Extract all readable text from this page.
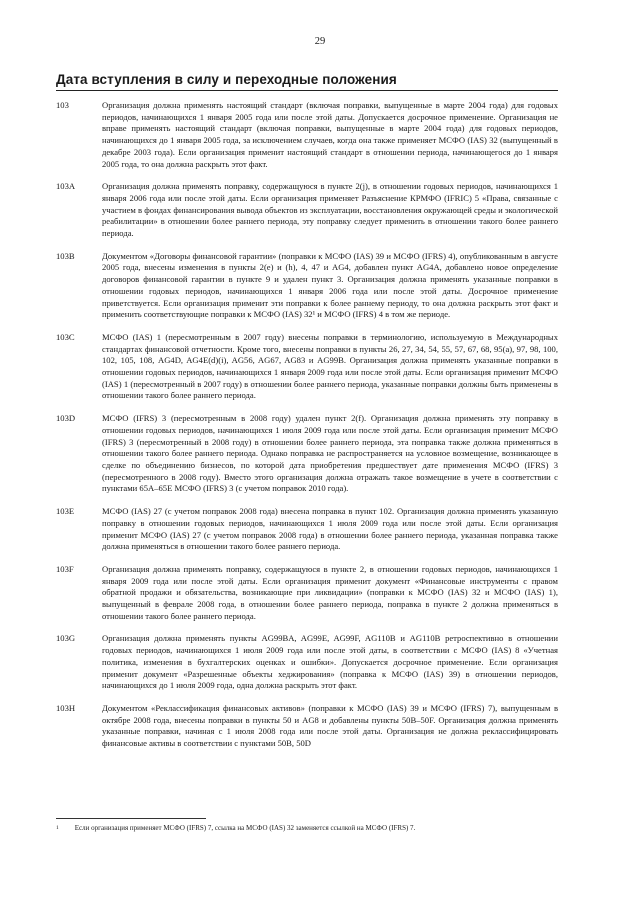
29
Дата вступления в силу и переходные положения
103	Организация должна применять настоящий стандарт (включая поправки, выпущенные в марте 2004 года) для годовых периодов, начинающихся 1 января 2005 года или после этой даты. Допускается досрочное применение. Организация не вправе применять настоящий стандарт (включая поправки, выпущенные в марте 2004 года) для годовых периодов, начинающихся до 1 января 2005 года, за исключением случаев, когда она также применяет МСФО (IAS) 32 (выпущенный в декабре 2003 года). Если организация применит настоящий стандарт в отношении периода, начинающегося до 1 января 2005 года, то она должна раскрыть этот факт.
103A	Организация должна применять поправку, содержащуюся в пункте 2(j), в отношении годовых периодов, начинающихся 1 января 2006 года или после этой даты. Если организация применяет Разъяснение КРМФО (IFRIC) 5 «Права, связанные с участием в фондах финансирования вывода объектов из эксплуатации, восстановления окружающей среды и экологической реабилитации» в отношении более раннего периода, эту поправку следует применить в отношении такого более раннего периода.
103B	Документом «Договоры финансовой гарантии» (поправки к МСФО (IAS) 39 и МСФО (IFRS) 4), опубликованным в августе 2005 года, внесены изменения в пункты 2(e) и (h), 4, 47 и AG4, добавлен пункт AG4A, добавлено новое определение договоров финансовой гарантии в пункте 9 и удален пункт 3. Организация должна применять указанные поправки в отношении годовых периодов, начинающихся 1 января 2006 года или после этой даты. Досрочное применение приветствуется. Если организация применит эти поправки к более раннему периоду, то она должна раскрыть этот факт и применить соответствующие поправки к МСФО (IAS) 32¹ и МСФО (IFRS) 4 в том же периоде.
103C	МСФО (IAS) 1 (пересмотренным в 2007 году) внесены поправки в терминологию, используемую в Международных стандартах финансовой отчетности. Кроме того, внесены поправки в пункты 26, 27, 34, 54, 55, 57, 67, 68, 95(a), 97, 98, 100, 102, 105, 108, AG4D, AG4E(d)(i), AG56, AG67, AG83 и AG99B. Организация должна применять указанные поправки в отношении годовых периодов, начинающихся 1 января 2009 года или после этой даты. Если организация применит МСФО (IAS) 1 (пересмотренный в 2007 году) в отношении более раннего периода, указанные поправки должны быть применены в отношении такого более раннего периода.
103D	МСФО (IFRS) 3 (пересмотренным в 2008 году) удален пункт 2(f). Организация должна применять эту поправку в отношении годовых периодов, начинающихся 1 июля 2009 года или после этой даты. Если организация применит МСФО (IFRS) 3 (пересмотренный в 2008 году) в отношении более раннего периода, эта поправка также должна применяться в отношении такого более раннего периода. Однако поправка не распространяется на условное возмещение, возникающее в сделке по объединению бизнесов, по которой дата приобретения предшествует дате применения МСФО (IFRS) 3 (пересмотренного в 2008 году). Вместо этого организация должна отражать такое возмещение в учете в соответствии с пунктами 65A–65E МСФО (IFRS) 3 (с учетом поправок 2010 года).
103E	МСФО (IAS) 27 (с учетом поправок 2008 года) внесена поправка в пункт 102. Организация должна применять указанную поправку в отношении годовых периодов, начинающихся 1 июля 2009 года или после этой даты. Если организация применит МСФО (IAS) 27 (с учетом поправок 2008 года) в отношении более раннего периода, указанная поправка также должна применяться в отношении такого более раннего периода.
103F	Организация должна применять поправку, содержащуюся в пункте 2, в отношении годовых периодов, начинающихся 1 января 2009 года или после этой даты. Если организация применит документ «Финансовые инструменты с правом обратной продажи и обязательства, возникающие при ликвидации» (поправки к МСФО (IAS) 32 и МСФО (IAS) 1), выпущенный в феврале 2008 года, в отношении более раннего периода, поправка в пункте 2 должна применяться в отношении такого более раннего периода.
103G	Организация должна применять пункты AG99BA, AG99E, AG99F, AG110B и AG110B ретроспективно в отношении годовых периодов, начинающихся 1 июля 2009 года или после этой даты, в соответствии с МСФО (IAS) 8 «Учетная политика, изменения в бухгалтерских оценках и ошибки». Допускается досрочное применение. Если организация применит документ «Разрешенные объекты хеджирования» (поправка к МСФО (IAS) 39) в отношении периодов, начинающихся до 1 июля 2009 года, одна должна раскрыть этот факт.
103H	Документом «Реклассификация финансовых активов» (поправки к МСФО (IAS) 39 и МСФО (IFRS) 7), выпущенным в октябре 2008 года, внесены поправки в пункты 50 и AG8 и добавлены пункты 50B–50F. Организация должна применять указанные поправки, начиная с 1 июля 2008 года или после этой даты. Организация не должна реклассифицировать финансовые активы в соответствии с пунктами 50B, 50D
$^1$ Если организация применяет МСФО (IFRS) 7, ссылка на МСФО (IAS) 32 заменяется ссылкой на МСФО (IFRS) 7.
